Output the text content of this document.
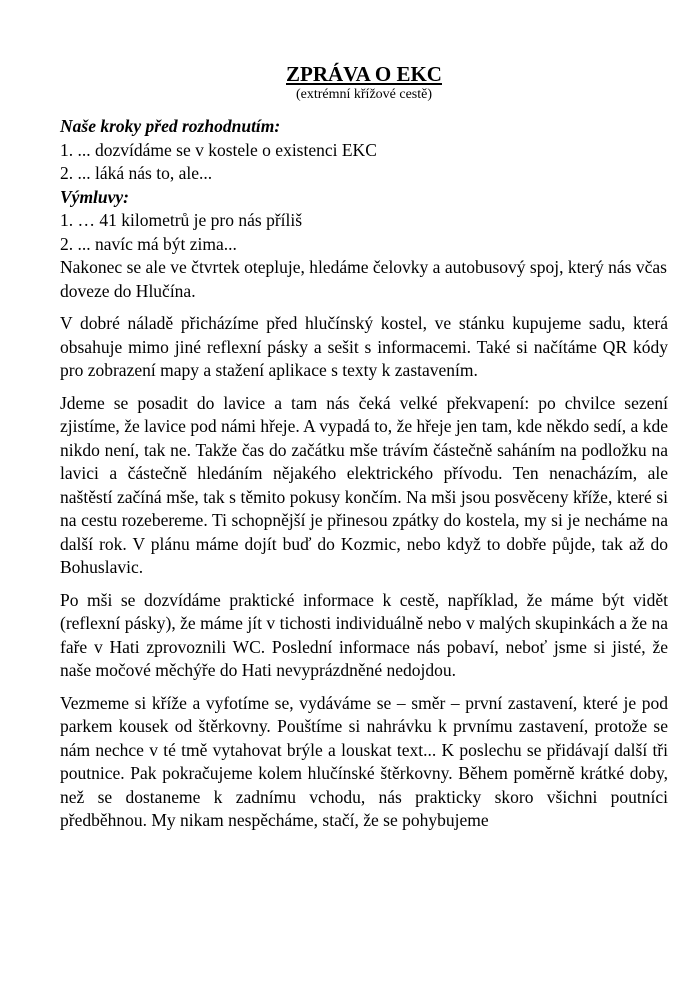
ZPRÁVA O EKC

(extrémní křížové cestě)

Naše kroky před rozhodnutím:

1. ... dozvídáme se v kostele o existenci EKC

2. ... láká nás to, ale...

Výmluvy:

1. … 41 kilometrů je pro nás příliš

2. ... navíc má být zima...

Nakonec se ale ve čtvrtek otepluje, hledáme čelovky a autobusový spoj, který nás včas doveze do Hlučína.

V dobré náladě přicházíme před hlučínský kostel, ve stánku kupujeme sadu, která obsahuje mimo jiné reflexní pásky a sešit s informacemi. Také si načítáme QR kódy pro zobrazení mapy a stažení aplikace s texty k zastavením.

Jdeme se posadit do lavice a tam nás čeká velké překvapení: po chvilce sezení zjistíme, že lavice pod námi hřeje. A vypadá to, že hřeje jen tam, kde někdo sedí, a kde nikdo není, tak ne. Takže čas do začátku mše trávím částečně saháním na podložku na lavici a částečně hledáním nějakého elektrického přívodu. Ten nenacházím, ale naštěstí začíná mše, tak s těmito pokusy končím. Na mši jsou posvěceny kříže, které si na cestu rozebereme. Ti schopnější je přinesou zpátky do kostela, my si je necháme na další rok. V plánu máme dojít buď do Kozmic, nebo když to dobře půjde, tak až do Bohuslavic.

Po mši se dozvídáme praktické informace k cestě, například, že máme být vidět (reflexní pásky), že máme jít v tichosti individuálně nebo v malých skupinkách a že na faře v Hati zprovoznili WC. Poslední informace nás pobaví, neboť jsme si jisté, že naše močové měchýře do Hati nevyprázdněné nedojdou.

Vezmeme si kříže a vyfotíme se, vydáváme se – směr – první zastavení, které je pod parkem kousek od štěrkovny. Pouštíme si nahrávku k prvnímu zastavení, protože se nám nechce v té tmě vytahovat brýle a louskat text... K poslechu se přidávají další tři poutnice. Pak pokračujeme kolem hlučínské štěrkovny. Během poměrně krátké doby, než se dostaneme k zadnímu vchodu, nás prakticky skoro všichni poutníci předběhnou. My nikam nespěcháme, stačí, že se pohybujeme
